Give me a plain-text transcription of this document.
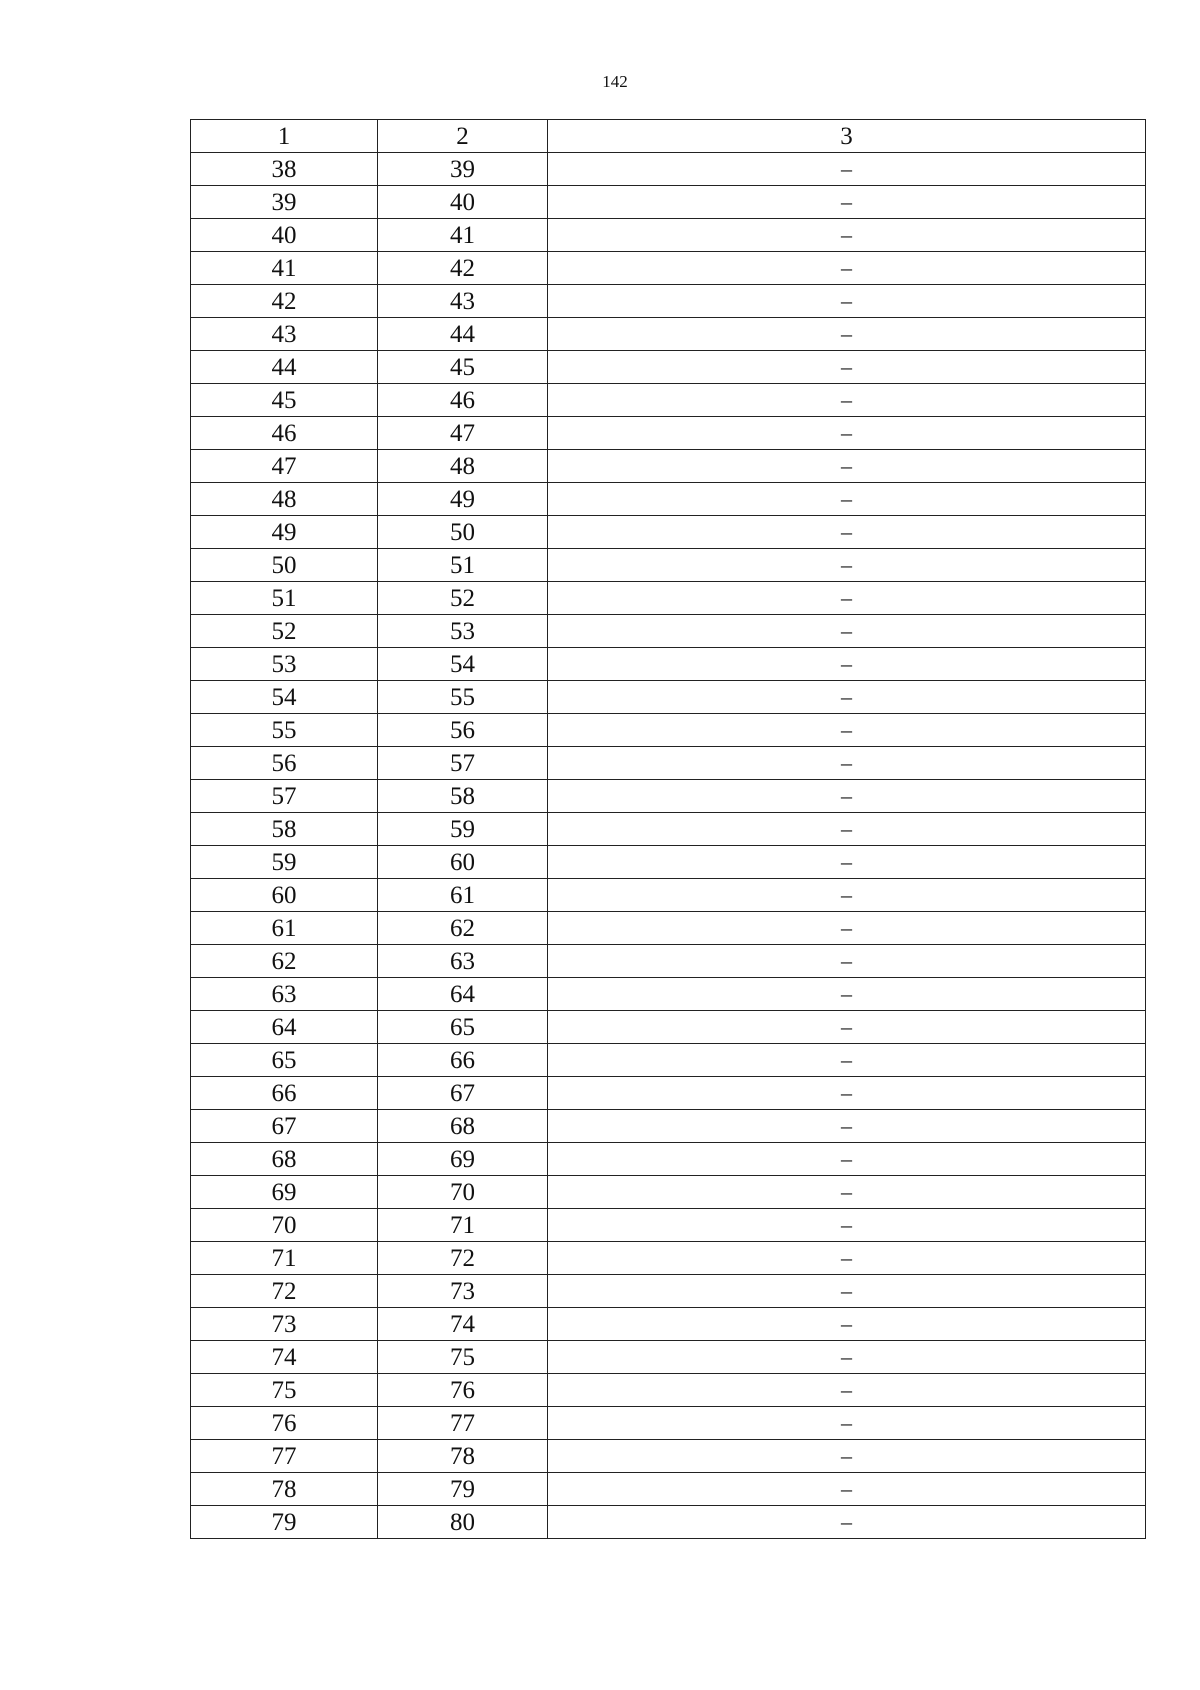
142
1	2	3
38	39	–
39	40	–
40	41	–
41	42	–
42	43	–
43	44	–
44	45	–
45	46	–
46	47	–
47	48	–
48	49	–
49	50	–
50	51	–
51	52	–
52	53	–
53	54	–
54	55	–
55	56	–
56	57	–
57	58	–
58	59	–
59	60	–
60	61	–
61	62	–
62	63	–
63	64	–
64	65	–
65	66	–
66	67	–
67	68	–
68	69	–
69	70	–
70	71	–
71	72	–
72	73	–
73	74	–
74	75	–
75	76	–
76	77	–
77	78	–
78	79	–
79	80	–
